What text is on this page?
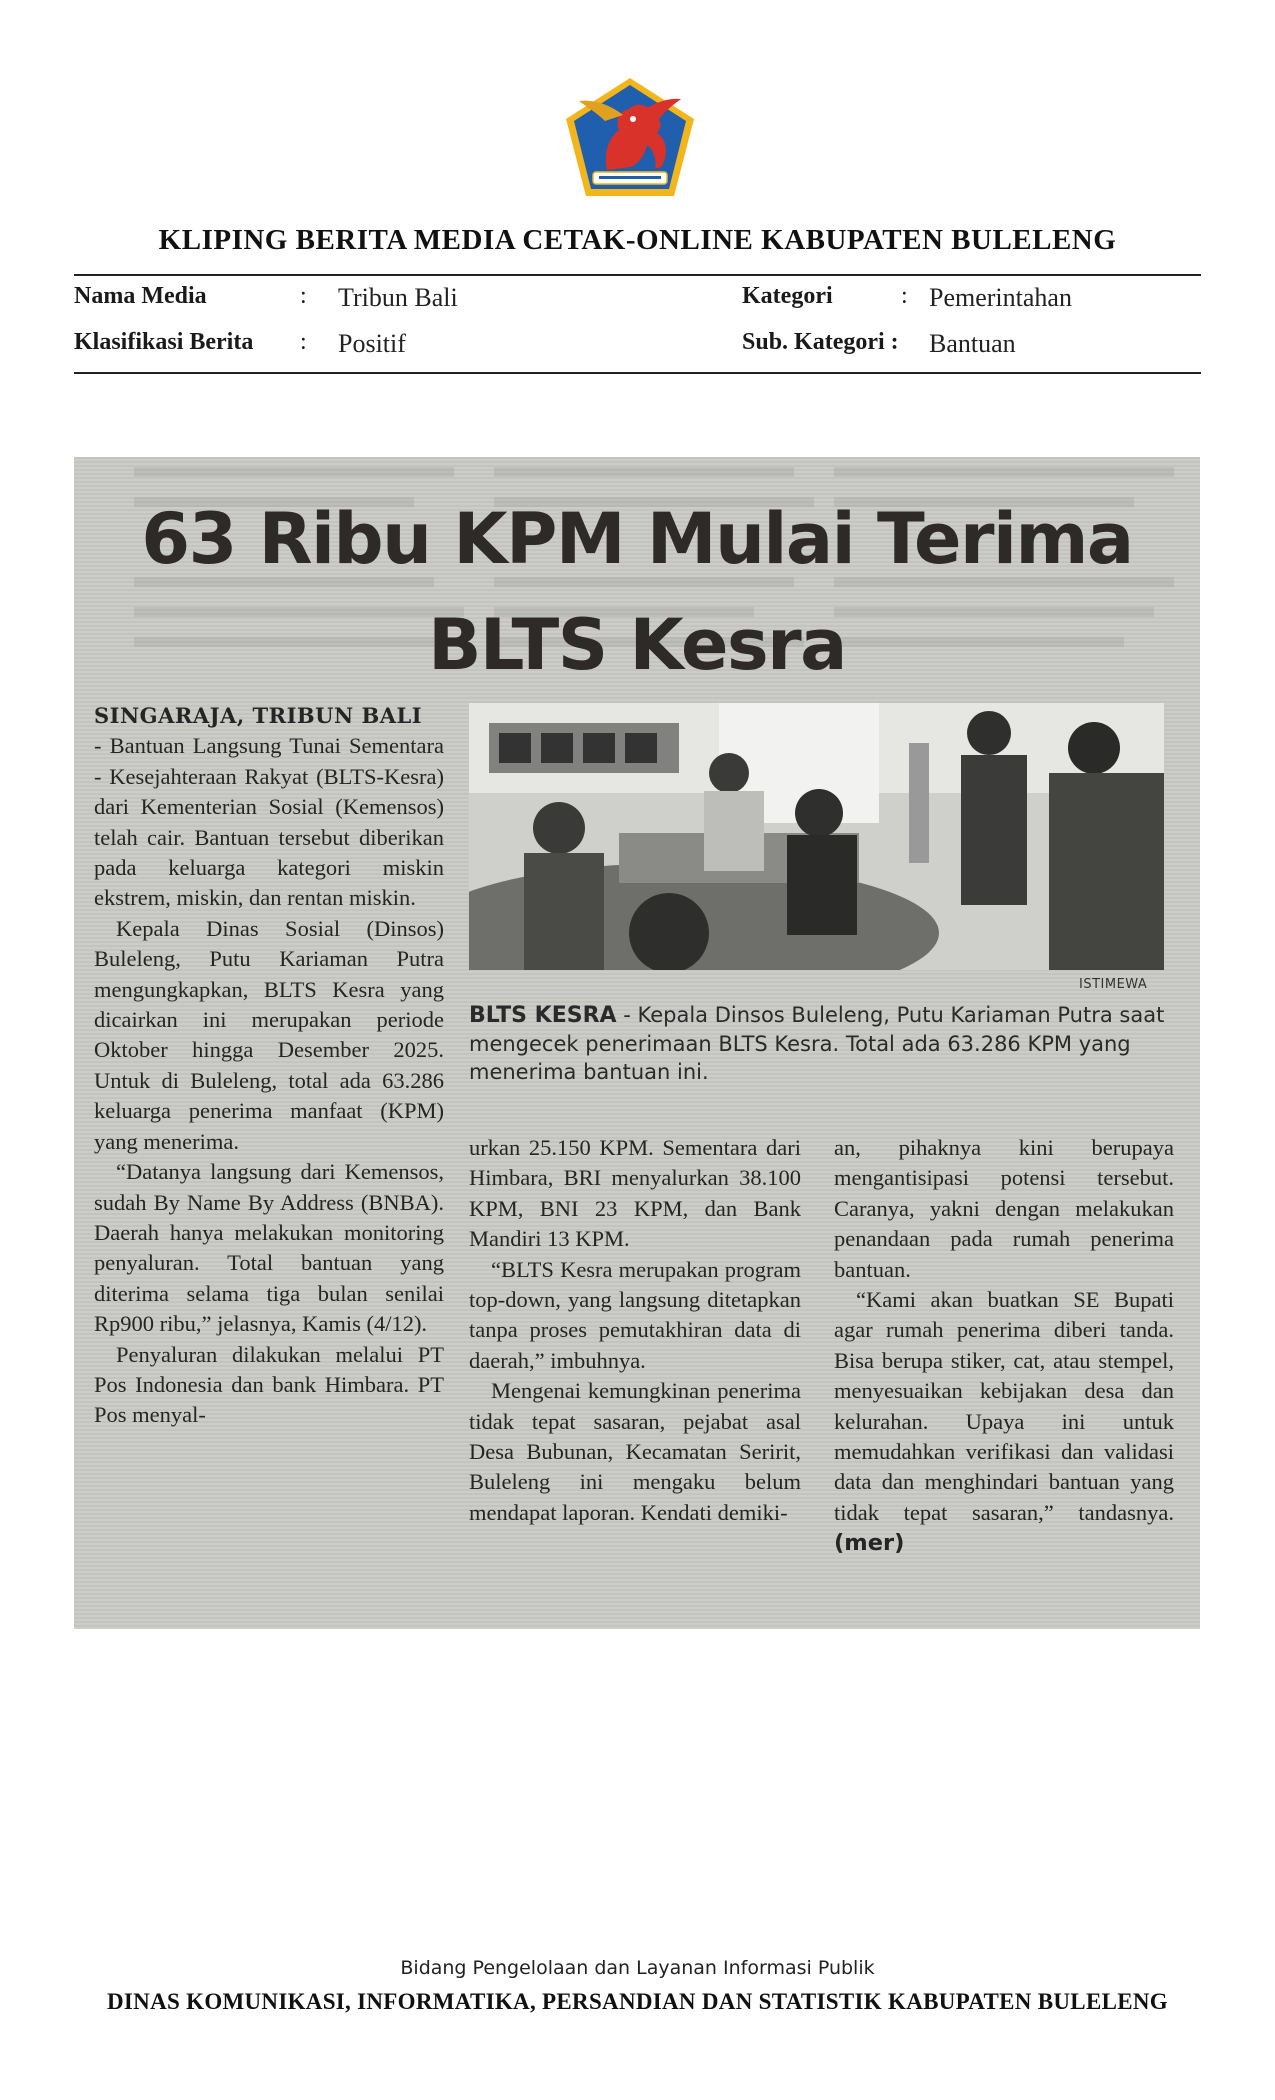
KLIPING BERITA MEDIA CETAK-ONLINE KABUPATEN BULELENG
Nama Media	: Tribun Bali	Kategori	: Pemerintahan
Klasifikasi Berita : Positif	Sub. Kategori : Bantuan
63 Ribu KPM Mulai Terima
BLTS Kesra
SINGARAJA, TRIBUN BALI

- Bantuan Langsung Tunai Sementara - Kesejahteraan Rakyat (BLTS-Kesra) dari Kementerian Sosial (Kemensos) telah cair. Bantuan tersebut diberikan pada keluarga kategori miskin ekstrem, miskin, dan rentan miskin.

Kepala Dinas Sosial (Dinsos) Buleleng, Putu Kariaman Putra mengungkapkan, BLTS Kesra yang dicairkan ini merupakan periode Oktober hingga Desember 2025. Untuk di Buleleng, total ada 63.286 keluarga penerima manfaat (KPM) yang menerima.

“Datanya langsung dari Kemensos, sudah By Name By Address (BNBA). Daerah hanya melakukan monitoring penyaluran. Total bantuan yang diterima selama tiga bulan senilai Rp900 ribu,” jelasnya, Kamis (4/12).

Penyaluran dilakukan melalui PT Pos Indonesia dan bank Himbara. PT Pos menyal-

ISTIMEWA
BLTS KESRA - Kepala Dinsos Buleleng, Putu Kariaman Putra saat mengecek penerimaan BLTS Kesra. Total ada 63.286 KPM yang menerima bantuan ini.

urkan 25.150 KPM. Sementara dari Himbara, BRI menyalurkan 38.100 KPM, BNI 23 KPM, dan Bank Mandiri 13 KPM.

“BLTS Kesra merupakan program top-down, yang langsung ditetapkan tanpa proses pemutakhiran data di daerah,” imbuhnya.

Mengenai kemungkinan penerima tidak tepat sasaran, pejabat asal Desa Bubunan, Kecamatan Seririt, Buleleng ini mengaku belum mendapat laporan. Kendati demiki-

an, pihaknya kini berupaya mengantisipasi potensi tersebut. Caranya, yakni dengan melakukan penandaan pada rumah penerima bantuan.

“Kami akan buatkan SE Bupati agar rumah penerima diberi tanda. Bisa berupa stiker, cat, atau stempel, menyesuaikan kebijakan desa dan kelurahan. Upaya ini untuk memudahkan verifikasi dan validasi data dan menghindari bantuan yang tidak tepat sasaran,” tandasnya. (mer)

Bidang Pengelolaan dan Layanan Informasi Publik
DINAS KOMUNIKASI, INFORMATIKA, PERSANDIAN DAN STATISTIK KABUPATEN BULELENG
